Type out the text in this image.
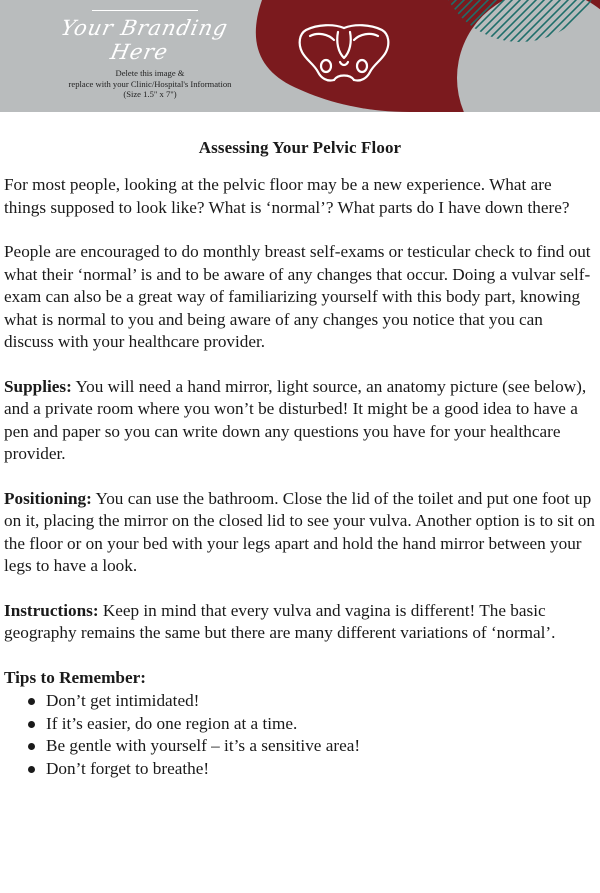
Your Branding Here
Delete this image &
replace with your Clinic/Hospital's Information
(Size 1.5" x 7")
Assessing Your Pelvic Floor

For most people, looking at the pelvic floor may be a new experience. What are things supposed to look like? What is ‘normal’? What parts do I have down there?

People are encouraged to do monthly breast self-exams or testicular check to find out what their ‘normal’ is and to be aware of any changes that occur. Doing a vulvar self-exam can also be a great way of familiarizing yourself with this body part, knowing what is normal to you and being aware of any changes you notice that you can discuss with your healthcare provider.

Supplies: You will need a hand mirror, light source, an anatomy picture (see below), and a private room where you won’t be disturbed! It might be a good idea to have a pen and paper so you can write down any questions you have for your healthcare provider.

Positioning: You can use the bathroom. Close the lid of the toilet and put one foot up on it, placing the mirror on the closed lid to see your vulva. Another option is to sit on the floor or on your bed with your legs apart and hold the hand mirror between your legs to have a look.

Instructions: Keep in mind that every vulva and vagina is different! The basic geography remains the same but there are many different variations of ‘normal’.

Tips to Remember:
Don’t get intimidated!
If it’s easier, do one region at a time.
Be gentle with yourself – it’s a sensitive area!
Don’t forget to breathe!
